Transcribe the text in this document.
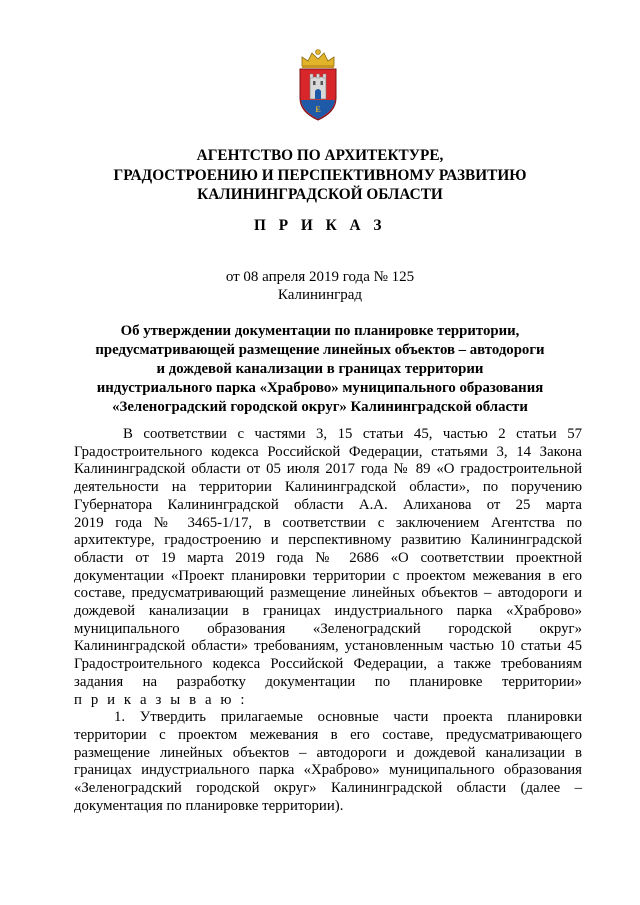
Е
АГЕНТСТВО ПО АРХИТЕКТУРЕ,
ГРАДОСТРОЕНИЮ И ПЕРСПЕКТИВНОМУ РАЗВИТИЮ
КАЛИНИНГРАДСКОЙ ОБЛАСТИ
П Р И К А З
от 08 апреля 2019 года № 125
Калининград
Об утверждении документации по планировке территории,
предусматривающей размещение линейных объектов – автодороги
и дождевой канализации в границах территории
индустриального парка «Храброво» муниципального образования
«Зеленоградский городской округ» Калининградской области
В соответствии с частями 3, 15 статьи 45, частью 2 статьи 57
Градостроительного кодекса Российской Федерации, статьями 3, 14 Закона
Калининградской области от 05 июля 2017 года № 89 «О градостроительной
деятельности на территории Калининградской области», по поручению
Губернатора Калининградской области А.А. Алиханова от 25 марта
2019 года № 3465-1/17, в соответствии с заключением Агентства по
архитектуре, градостроению и перспективному развитию Калининградской
области от 19 марта 2019 года № 2686 «О соответствии проектной
документации «Проект планировки территории с проектом межевания в его
составе, предусматривающий размещение линейных объектов – автодороги и
дождевой канализации в границах индустриального парка «Храброво»
муниципального образования «Зеленоградский городской округ»
Калининградской области» требованиям, установленным частью 10 статьи 45
Градостроительного кодекса Российской Федерации, а также требованиям
задания на разработку документации по планировке территории»
п р и к а з ы в а ю :
1. Утвердить прилагаемые основные части проекта планировки
территории с проектом межевания в его составе, предусматривающего
размещение линейных объектов – автодороги и дождевой канализации в
границах индустриального парка «Храброво» муниципального образования
«Зеленоградский городской округ» Калининградской области (далее –
документация по планировке территории).
